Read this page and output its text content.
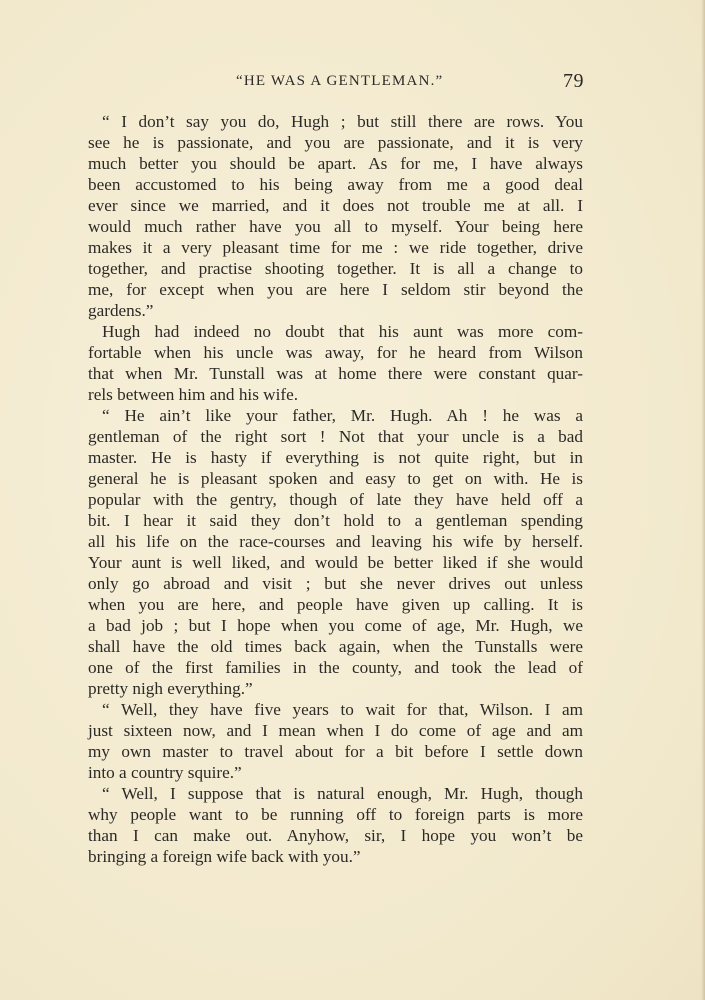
“HE WAS A GENTLEMAN.”	79
“ I don’t say you do, Hugh ; but still there are rows. You
see he is passionate, and you are passionate, and it is very
much better you should be apart. As for me, I have always
been accustomed to his being away from me a good deal
ever since we married, and it does not trouble me at all. I
would much rather have you all to myself. Your being here
makes it a very pleasant time for me : we ride together, drive
together, and practise shooting together. It is all a change to
me, for except when you are here I seldom stir beyond the
gardens.”
Hugh had indeed no doubt that his aunt was more com-
fortable when his uncle was away, for he heard from Wilson
that when Mr. Tunstall was at home there were constant quar-
rels between him and his wife.
“ He ain’t like your father, Mr. Hugh. Ah ! he was a
gentleman of the right sort ! Not that your uncle is a bad
master. He is hasty if everything is not quite right, but in
general he is pleasant spoken and easy to get on with. He is
popular with the gentry, though of late they have held off a
bit. I hear it said they don’t hold to a gentleman spending
all his life on the race-courses and leaving his wife by herself.
Your aunt is well liked, and would be better liked if she would
only go abroad and visit ; but she never drives out unless
when you are here, and people have given up calling. It is
a bad job ; but I hope when you come of age, Mr. Hugh, we
shall have the old times back again, when the Tunstalls were
one of the first families in the county, and took the lead of
pretty nigh everything.”
“ Well, they have five years to wait for that, Wilson. I am
just sixteen now, and I mean when I do come of age and am
my own master to travel about for a bit before I settle down
into a country squire.”
“ Well, I suppose that is natural enough, Mr. Hugh, though
why people want to be running off to foreign parts is more
than I can make out. Anyhow, sir, I hope you won’t be
bringing a foreign wife back with you.”
